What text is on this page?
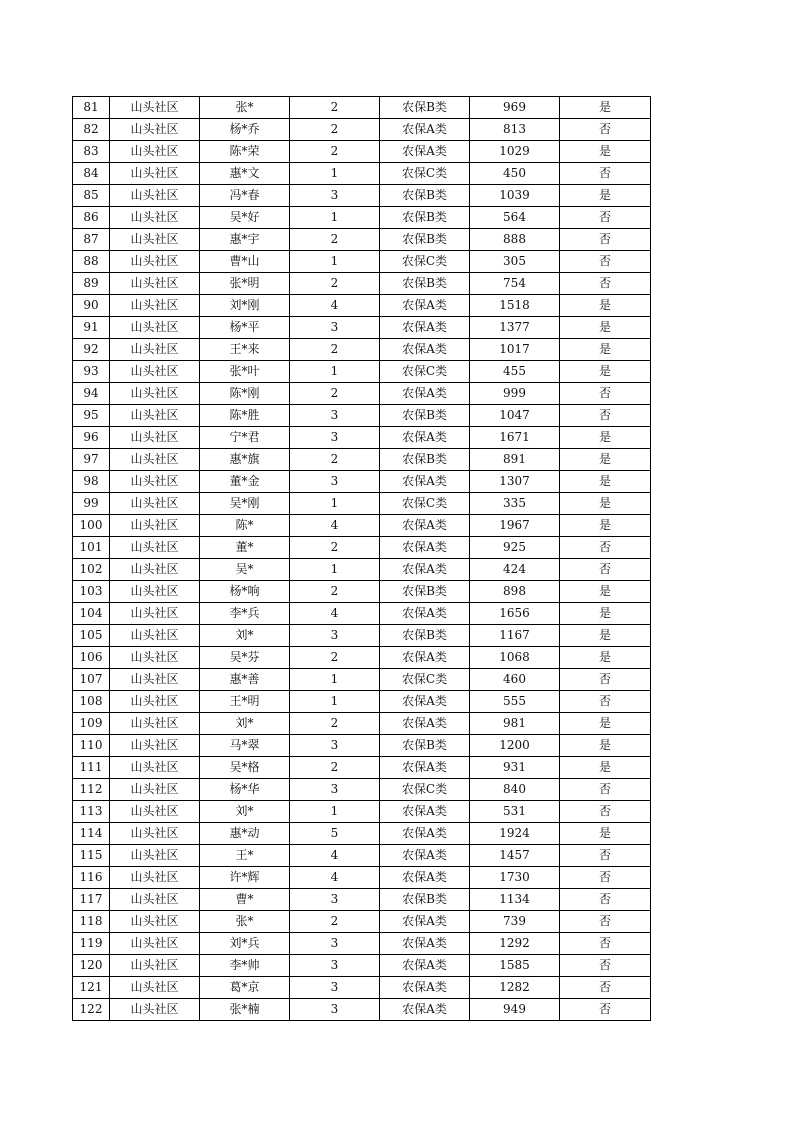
81	山头社区	张*	2	农保B类	969	是
82	山头社区	杨*乔	2	农保A类	813	否
83	山头社区	陈*荣	2	农保A类	1029	是
84	山头社区	惠*文	1	农保C类	450	否
85	山头社区	冯*春	3	农保B类	1039	是
86	山头社区	吴*好	1	农保B类	564	否
87	山头社区	惠*宇	2	农保B类	888	否
88	山头社区	曹*山	1	农保C类	305	否
89	山头社区	张*明	2	农保B类	754	否
90	山头社区	刘*刚	4	农保A类	1518	是
91	山头社区	杨*平	3	农保A类	1377	是
92	山头社区	王*来	2	农保A类	1017	是
93	山头社区	张*叶	1	农保C类	455	是
94	山头社区	陈*刚	2	农保A类	999	否
95	山头社区	陈*胜	3	农保B类	1047	否
96	山头社区	宁*君	3	农保A类	1671	是
97	山头社区	惠*旗	2	农保B类	891	是
98	山头社区	董*金	3	农保A类	1307	是
99	山头社区	吴*刚	1	农保C类	335	是
100	山头社区	陈*	4	农保A类	1967	是
101	山头社区	董*	2	农保A类	925	否
102	山头社区	吴*	1	农保A类	424	否
103	山头社区	杨*响	2	农保B类	898	是
104	山头社区	李*兵	4	农保A类	1656	是
105	山头社区	刘*	3	农保B类	1167	是
106	山头社区	吴*芬	2	农保A类	1068	是
107	山头社区	惠*善	1	农保C类	460	否
108	山头社区	王*明	1	农保A类	555	否
109	山头社区	刘*	2	农保A类	981	是
110	山头社区	马*翠	3	农保B类	1200	是
111	山头社区	吴*格	2	农保A类	931	是
112	山头社区	杨*华	3	农保C类	840	否
113	山头社区	刘*	1	农保A类	531	否
114	山头社区	惠*动	5	农保A类	1924	是
115	山头社区	王*	4	农保A类	1457	否
116	山头社区	许*辉	4	农保A类	1730	否
117	山头社区	曹*	3	农保B类	1134	否
118	山头社区	张*	2	农保A类	739	否
119	山头社区	刘*兵	3	农保A类	1292	否
120	山头社区	李*帅	3	农保A类	1585	否
121	山头社区	葛*京	3	农保A类	1282	否
122	山头社区	张*楠	3	农保A类	949	否
